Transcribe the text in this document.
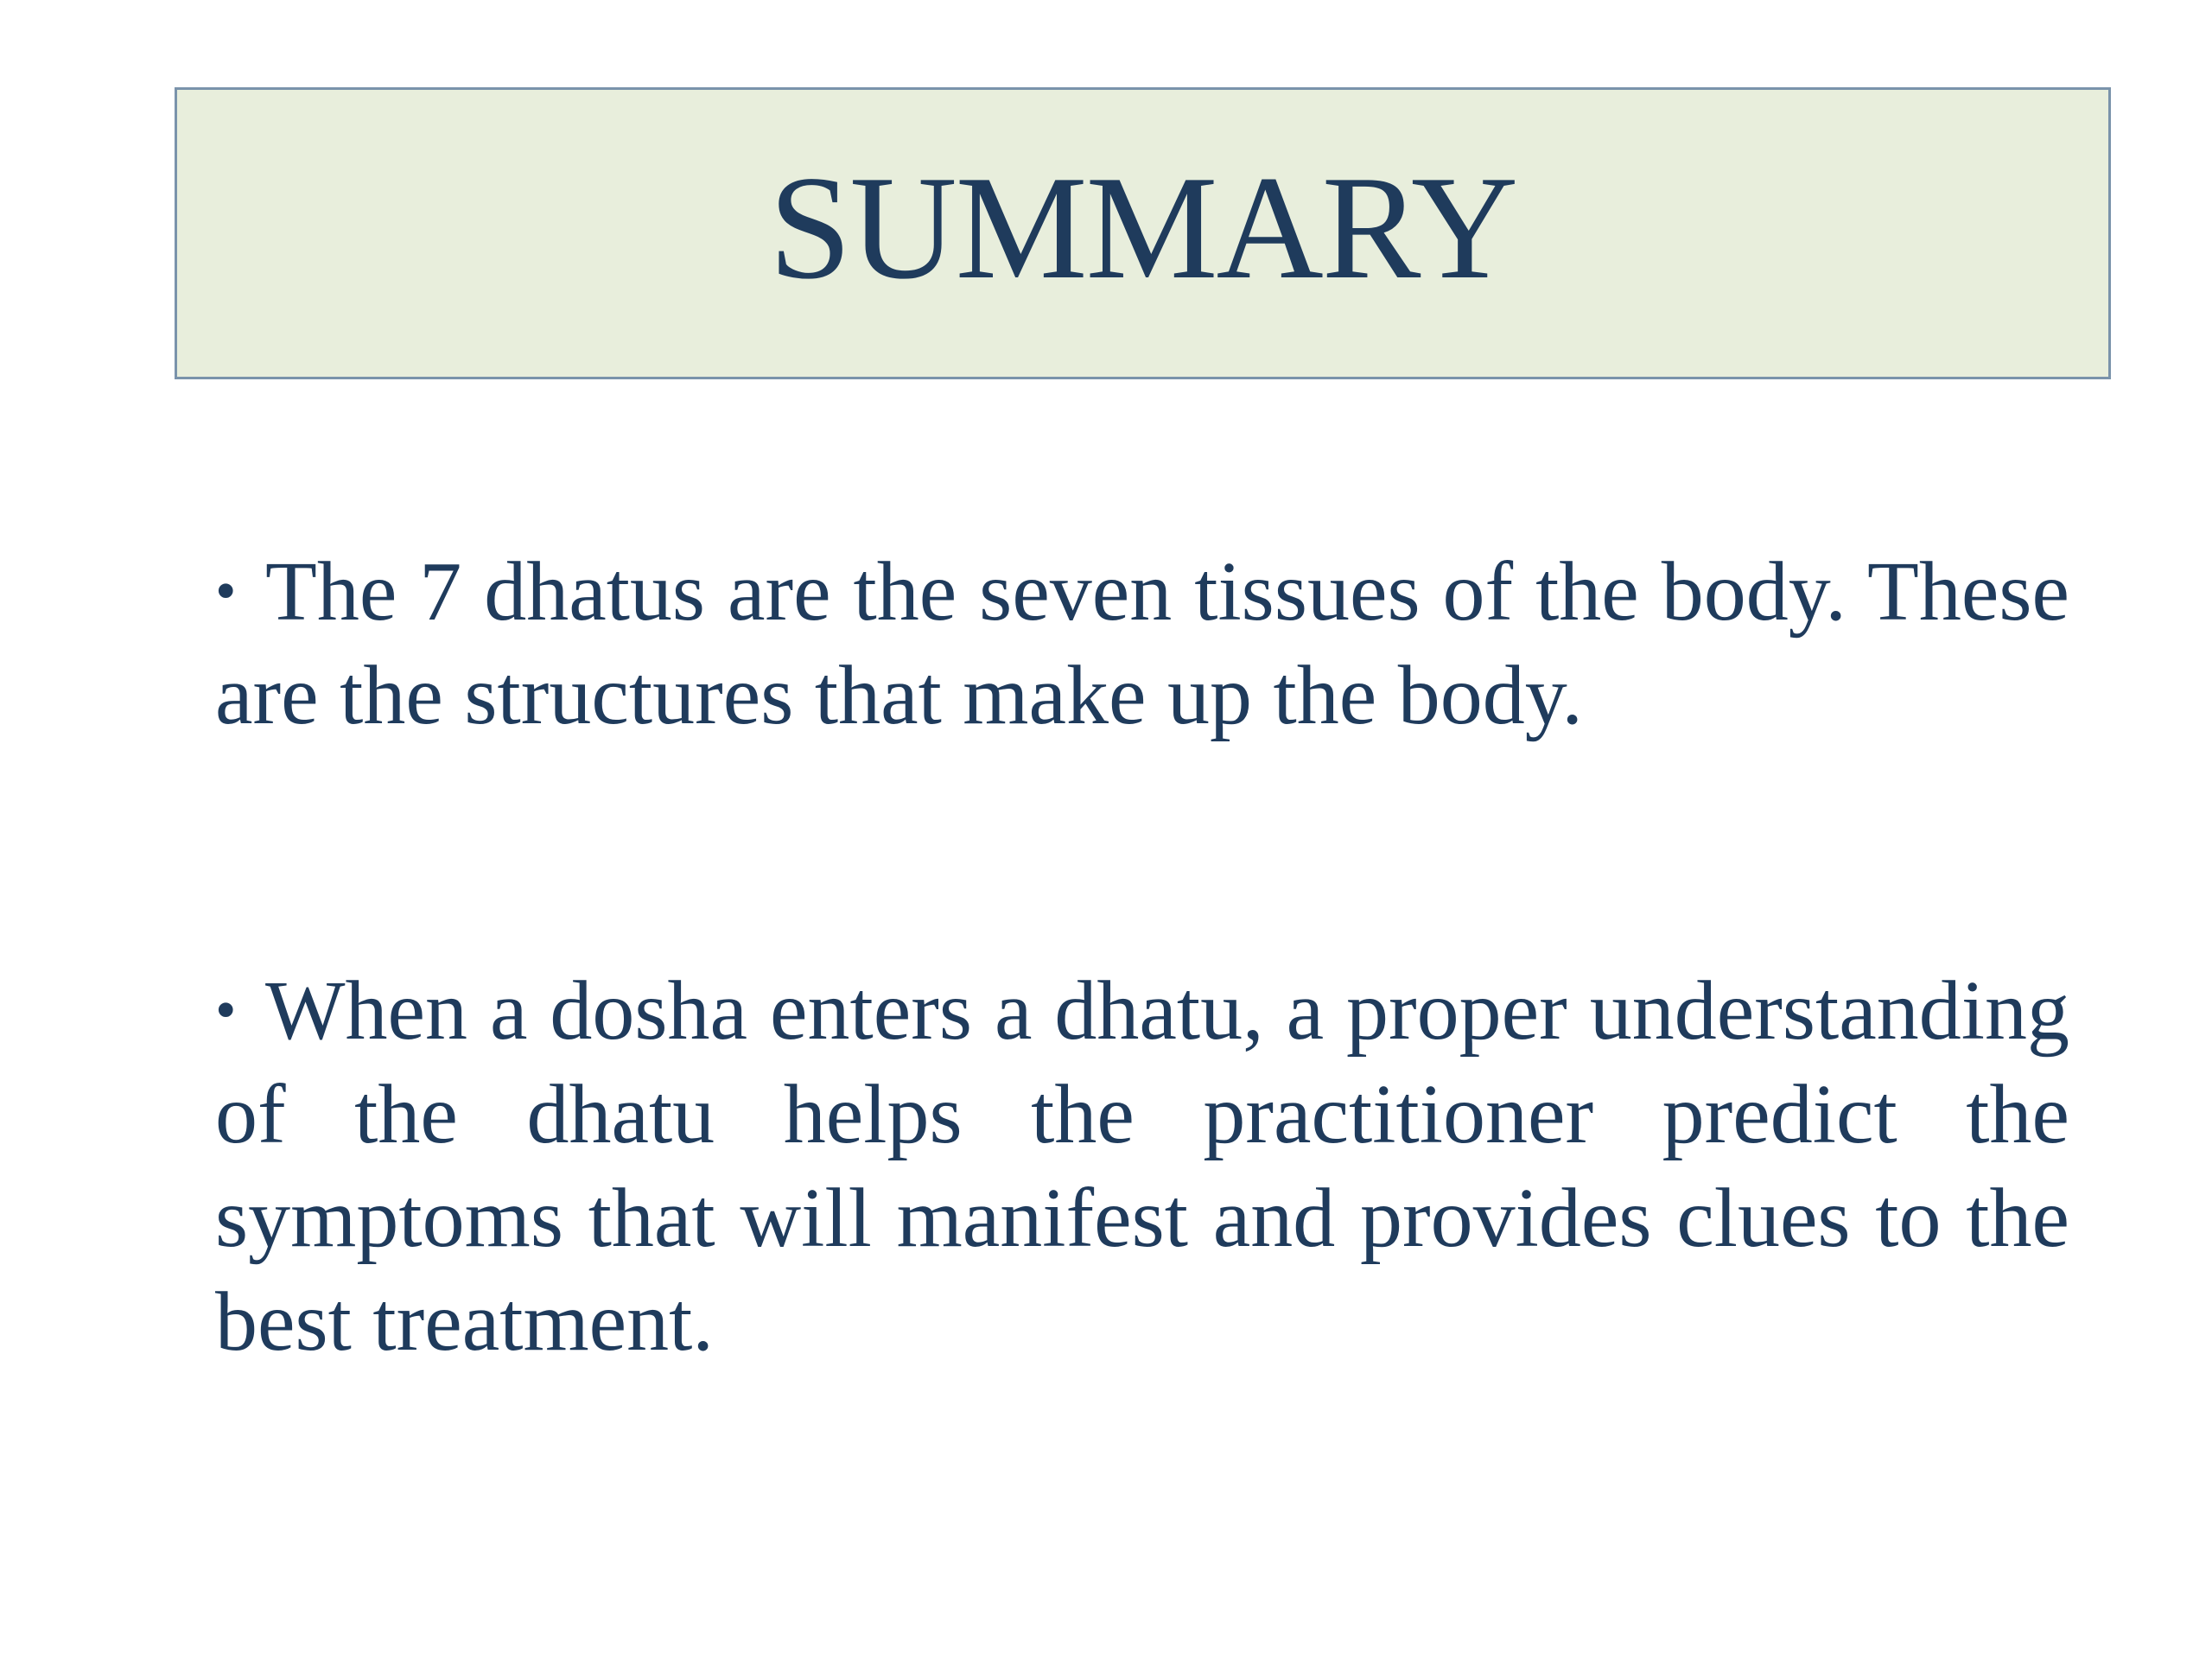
SUMMARY
• The 7 dhatus are the seven tissues of the body. These are the structures that make up the body.
• When a dosha enters a dhatu, a proper understanding of the dhatu helps the practitioner predict the symptoms that will manifest and provides clues to the best treatment.
